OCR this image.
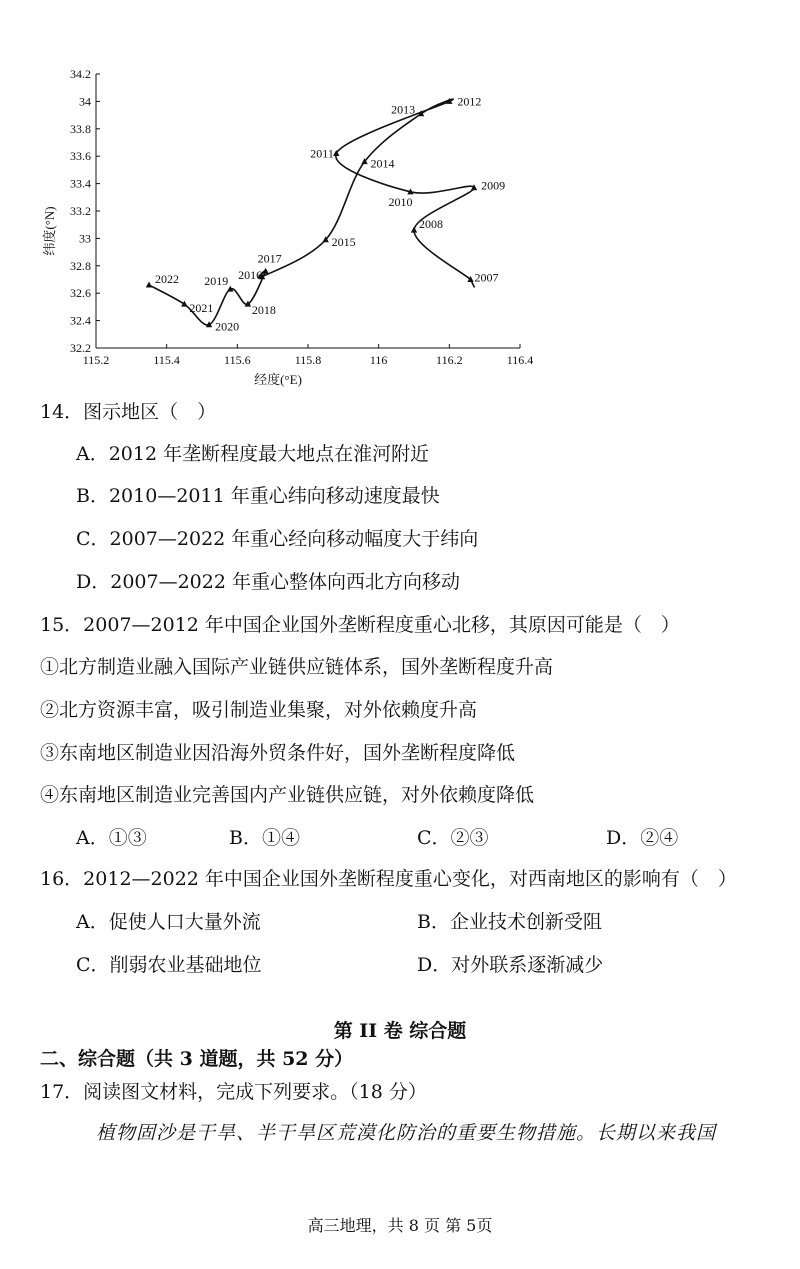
32.2
32.4
32.6
32.8
33
33.2
33.4
33.6
33.8
34
34.2
115.2	115.4	115.6	115.8	116	116.2	116.4
经度(°E)
纬度(°N)
2007
2008
2009
2010
2011
2012
2013
2014
2015
2016
2017
2018
2019
2020
2021
2022
14．图示地区（　）
A．2012 年垄断程度最大地点在淮河附近
B．2010—2011 年重心纬向移动速度最快
C．2007—2022 年重心经向移动幅度大于纬向
D．2007—2022 年重心整体向西北方向移动
15．2007—2012 年中国企业国外垄断程度重心北移，其原因可能是（　）
①北方制造业融入国际产业链供应链体系，国外垄断程度升高
②北方资源丰富，吸引制造业集聚，对外依赖度升高
③东南地区制造业因沿海外贸条件好，国外垄断程度降低
④东南地区制造业完善国内产业链供应链，对外依赖度降低
A．①③	B．①④	C．②③	D．②④
16．2012—2022 年中国企业国外垄断程度重心变化，对西南地区的影响有（　）
A．促使人口大量外流	B．企业技术创新受阻
C．削弱农业基础地位	D．对外联系逐渐减少
第 II 卷 综合题
二、综合题（共 3 道题，共 52 分）
17．阅读图文材料，完成下列要求。（18 分）
植物固沙是干旱、半干旱区荒漠化防治的重要生物措施。长期以来我国
高三地理，共 8 页 第 5页
